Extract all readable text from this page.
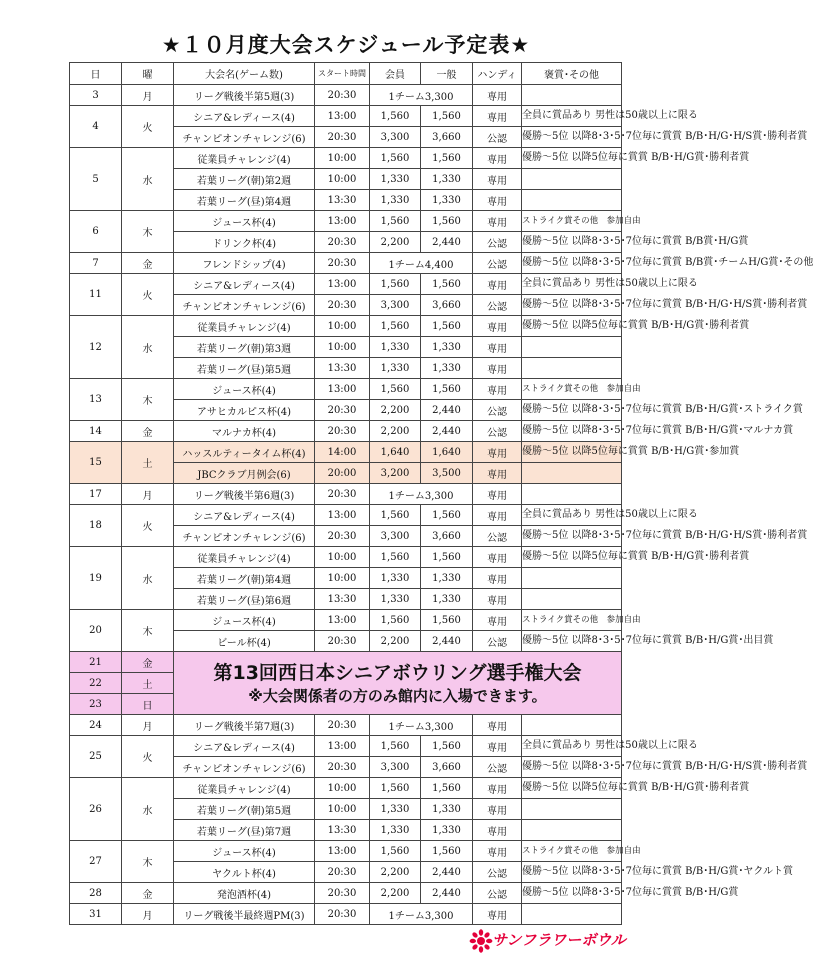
★１０月度大会スケジュール予定表★
日	曜	大会名(ゲーム数)	スタート時間	会員	一般	ハンディ	褒賞･その他
3	月	リーグ戦後半第5週(3)	20:30	1チーム3,300		専用	
4	火	シニア&レディース(4)	13:00	1,560	1,560	専用	全員に賞品あり 男性は50歳以上に限る
		チャンピオンチャレンジ(6)	20:30	3,300	3,660	公認	優勝～5位 以降8･3･5･7位毎に賞賞 B/B･H/G･H/S賞･勝利者賞
5	水	従業員チャレンジ(4)	10:00	1,560	1,560	専用	優勝～5位 以降5位毎に賞賞 B/B･H/G賞･勝利者賞
		若葉リーグ(朝)第2週	10:00	1,330	1,330	専用	
		若葉リーグ(昼)第4週	13:30	1,330	1,330	専用	
6	木	ジュース杯(4)	13:00	1,560	1,560	専用	ストライク賞その他　参加自由
		ドリンク杯(4)	20:30	2,200	2,440	公認	優勝～5位 以降8･3･5･7位毎に賞賞 B/B賞･H/G賞
7	金	フレンドシップ(4)	20:30	1チーム4,400		公認	優勝～5位 以降8･3･5･7位毎に賞賞 B/B賞･チームH/G賞･その他
11	火	シニア&レディース(4)	13:00	1,560	1,560	専用	全員に賞品あり 男性は50歳以上に限る
		チャンピオンチャレンジ(6)	20:30	3,300	3,660	公認	優勝～5位 以降8･3･5･7位毎に賞賞 B/B･H/G･H/S賞･勝利者賞
12	水	従業員チャレンジ(4)	10:00	1,560	1,560	専用	優勝～5位 以降5位毎に賞賞 B/B･H/G賞･勝利者賞
		若葉リーグ(朝)第3週	10:00	1,330	1,330	専用	
		若葉リーグ(昼)第5週	13:30	1,330	1,330	専用	
13	木	ジュース杯(4)	13:00	1,560	1,560	専用	ストライク賞その他　参加自由
		アサヒカルピス杯(4)	20:30	2,200	2,440	公認	優勝～5位 以降8･3･5･7位毎に賞賞 B/B･H/G賞･ストライク賞
14	金	マルナカ杯(4)	20:30	2,200	2,440	公認	優勝～5位 以降8･3･5･7位毎に賞賞 B/B･H/G賞･マルナカ賞
15	土	ハッスルティータイム杯(4)	14:00	1,640	1,640	専用	優勝～5位 以降5位毎に賞賞 B/B･H/G賞･参加賞
		JBCクラブ月例会(6)	20:00	3,200	3,500	専用	
17	月	リーグ戦後半第6週(3)	20:30	1チーム3,300		専用	
18	火	シニア&レディース(4)	13:00	1,560	1,560	専用	全員に賞品あり 男性は50歳以上に限る
		チャンピオンチャレンジ(6)	20:30	3,300	3,660	公認	優勝～5位 以降8･3･5･7位毎に賞賞 B/B･H/G･H/S賞･勝利者賞
19	水	従業員チャレンジ(4)	10:00	1,560	1,560	専用	優勝～5位 以降5位毎に賞賞 B/B･H/G賞･勝利者賞
		若葉リーグ(朝)第4週	10:00	1,330	1,330	専用	
		若葉リーグ(昼)第6週	13:30	1,330	1,330	専用	
20	木	ジュース杯(4)	13:00	1,560	1,560	専用	ストライク賞その他　参加自由
		ビール杯(4)	20:30	2,200	2,440	公認	優勝～5位 以降8･3･5･7位毎に賞賞 B/B･H/G賞･出目賞
21	金	第13回西日本シニアボウリング選手権大会
※大会関係者の方のみ館内に入場できます。					

22	土						
23	日						
24	月	リーグ戦後半第7週(3)	20:30	1チーム3,300		専用	
25	火	シニア&レディース(4)	13:00	1,560	1,560	専用	全員に賞品あり 男性は50歳以上に限る
		チャンピオンチャレンジ(6)	20:30	3,300	3,660	公認	優勝～5位 以降8･3･5･7位毎に賞賞 B/B･H/G･H/S賞･勝利者賞
26	水	従業員チャレンジ(4)	10:00	1,560	1,560	専用	優勝～5位 以降5位毎に賞賞 B/B･H/G賞･勝利者賞
		若葉リーグ(朝)第5週	10:00	1,330	1,330	専用	
		若葉リーグ(昼)第7週	13:30	1,330	1,330	専用	
27	木	ジュース杯(4)	13:00	1,560	1,560	専用	ストライク賞その他　参加自由
		ヤクルト杯(4)	20:30	2,200	2,440	公認	優勝～5位 以降8･3･5･7位毎に賞賞 B/B･H/G賞･ヤクルト賞
28	金	発泡酒杯(4)	20:30	2,200	2,440	公認	優勝～5位 以降8･3･5･7位毎に賞賞 B/B･H/G賞
31	月	リーグ戦後半最終週PM(3)	20:30	1チーム3,300		専用	
サンフラワーボウル
